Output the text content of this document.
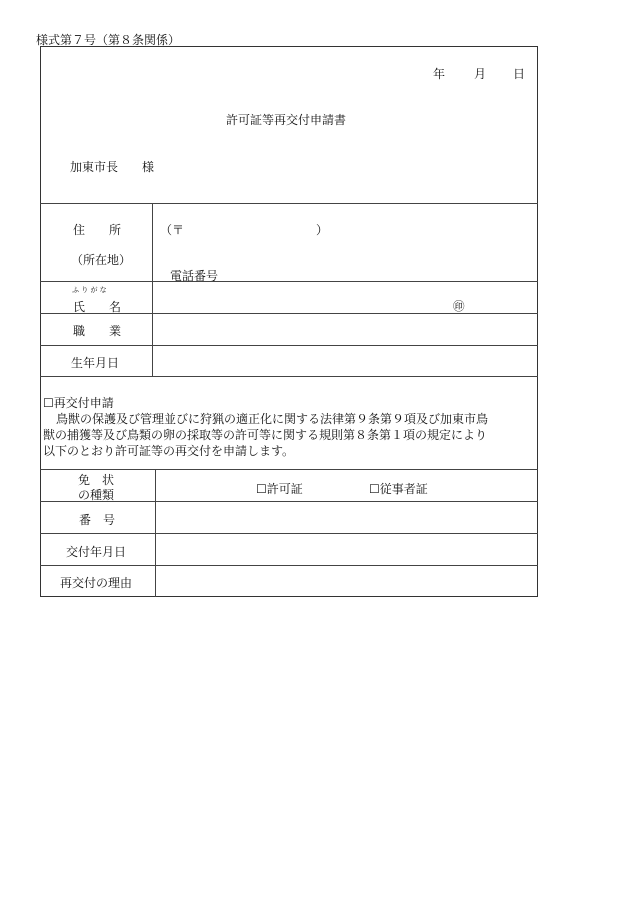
様式第７号（第８条関係）
年 月 日
許可証等再交付申請書
加東市長　　様
住　　所
（所在地）
（〒　　　　　　　　　　　）
電話番号
ふ り が な
氏　　名	㊞
職　　業
生年月日

☐再交付申請

鳥獣の保護及び管理並びに狩猟の適正化に関する法律第９条第９項及び加東市鳥

獣の捕獲等及び鳥類の卵の採取等の許可等に関する規則第８条第１項の規定により

以下のとおり許可証等の再交付を申請します。

免　状
の種類	☐許可証	☐従事者証
番　号
交付年月日
再交付の理由
